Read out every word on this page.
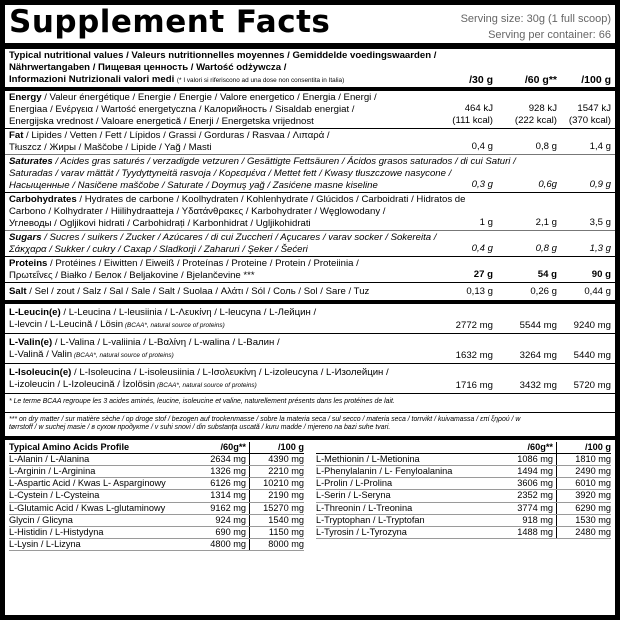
Supplement Facts	Serving size: 30g (1 full scoop)
Serving per container: 66
Typical nutritional values / Valeurs nutritionnelles moyennes / Gemiddelde voedingswaarden /
Nährwertangaben / Пищевая ценность / Wartość odżywcza /
Informazioni Nutrizionali valori medi (* I valori si riferiscono ad una dose non consentita in Italia)	/30 g	/60 g**	/100 g
Energy / Valeur énergétique / Energie / Energie / Valore energetico / Energia / Energi /
Energiaa / Ενέργεια / Wartość energetyczna / Калорийность / Sisaldab energiat /
Energijska vrednost / Valoare energetică / Enerji / Energetska vrijednost
464 kJ	928 kJ	1547 kJ
(111 kcal)	(222 kcal)	(370 kcal)
Fat / Lipides / Vetten / Fett / Lípidos / Grassi / Gorduras / Rasvaa / Λιπαρά /
Tłuszcz / Жиры / Maščobe / Lipide / Yağ / Masti	0,4 g	0,8 g	1,4 g
Saturates / Acides gras saturés / verzadigde vetzuren / Gesättigte Fettsäuren / Ácidos grasos saturados / di cui Saturi /
Saturadas / varav mättät / Tyydyttyneitä rasvoja / Κορεσμένα / Mettet fett / Kwasy tłuszczowe nasycone /
Насыщенные / Nasičene maščobe / Saturate / Doymuş yağ / Zasićene masne kiseline	0,3 g	0,6g	0,9 g
Carbohydrates / Hydrates de carbone / Koolhydraten / Kohlenhydrate / Glúcidos / Carboidrati / Hidratos de
Carbono / Kolhydrater / Hiilihydraatteja / Υδατάνθρακες / Karbohydrater / Węglowodany /
Углеводы / Ogljikovi hidrati / Carbohidrați / Karbonhidrat / Ugljikohidrati	1 g	2,1 g	3,5 g
Sugars / Sucres / suikers / Zucker / Azúcares / di cui Zuccheri / Açucares / varav socker / Sokereita /
Σάκχαρα / Sukker / cukry / Сахар / Sladkorji / Zaharuri / Şeker / Šećeri	0,4 g	0,8 g	1,3 g
Proteins / Protéines / Eiwitten / Eiweiß / Proteínas / Proteine / Protein / Proteiinia /
Πρωτεΐνες / Białko / Белок / Beljakovine / Bjelančevine ***	27 g	54 g	90 g
Salt / Sel / zout / Salz / Sal / Sale / Salt / Suolaa / Αλάτι / Sól / Соль / Sol / Sare / Tuz	0,13 g	0,26 g	0,44 g
L-Leucin(e) / L-Leucina / L-leusiinia / L-Λευκίνη / L-leucyna / L-Лейцин /
L-levcin / L-Leucină / Lösin (BCAA*, natural source of proteins)	2772 mg	5544 mg	9240 mg
L-Valin(e) / L-Valina / L-valiinia / L-Βαλίνη / L-walina / L-Валин /
L-Valină / Valin (BCAA*, natural source of proteins)	1632 mg	3264 mg	5440 mg
L-Isoleucin(e) / L-Isoleucina / L-isoleusiinia / L-Ισολευκίνη / L-izoleucyna / L-Изолейцин /
L-izoleucin / L-Izoleucină / İzolösin (BCAA*, natural source of proteins)	1716 mg	3432 mg	5720 mg
* Le terme BCAA regroupe les 3 acides aminés, leucine, isoleucine et valine, naturellement présents dans les protéines de lait.
*** on dry matter / sur matière sèche / op droge stof / bezogen auf trockenmasse / sobre la materia seca / sul secco / materia seca / torrvikt / kuivamassa / επί ξηρού / w
tørrstoff / w suchej masie / в сухом продукте / v suhi snovi / din substanța uscată / kuru madde / mjereno na bazi suhe tvari.
Typical Amino Acids Profile	/60g**	/100 g
L-Alanin / L-Alanina	2634 mg	4390 mg
L-Arginin / L-Arginina	1326 mg	2210 mg
L-Aspartic Acid / Kwas L- Asparginowy	6126 mg	10210 mg
L-Cystein / L-Cysteina	1314 mg	2190 mg
L-Glutamic Acid / Kwas L-glutaminowy	9162 mg	15270 mg
Glycin / Glicyna	924 mg	1540 mg
L-Histidin / L-Histydyna	690 mg	1150 mg
L-Lysin / L-Lizyna	4800 mg	8000 mg
/60g**	/100 g
L-Methionin / L-Metionina	1086 mg	1810 mg
L-Phenylalanin / L- Fenyloalanina	1494 mg	2490 mg
L-Prolin / L-Prolina	3606 mg	6010 mg
L-Serin / L-Seryna	2352 mg	3920 mg
L-Threonin / L-Treonina	3774 mg	6290 mg
L-Tryptophan / L-Tryptofan	918 mg	1530 mg
L-Tyrosin / L-Tyrozyna	1488 mg	2480 mg
